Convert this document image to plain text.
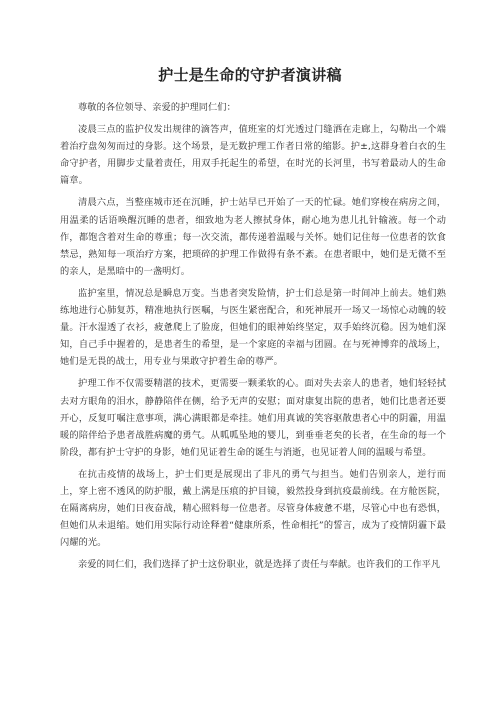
护士是生命的守护者演讲稿

尊敬的各位领导、亲爱的护理同仁们：

凌晨三点的监护仪发出规律的滴答声，值班室的灯光透过门缝洒在走廊上，勾勒出一个端着治疗盘匆匆而过的身影。这个场景，是无数护理工作者日常的缩影。护±,这群身着白衣的生命守护者，用脚步丈量着责任，用双手托起生的希望，在时光的长河里，书写着最动人的生命篇章。

清晨六点，当整座城市还在沉睡，护士站早已开始了一天的忙碌。她们穿梭在病房之间，用温柔的话语唤醒沉睡的患者，细致地为老人擦拭身体，耐心地为患儿扎针输液。每一个动作，都饱含着对生命的尊重；每一次交流，都传递着温暖与关怀。她们记住每一位患者的饮食禁忌，熟知每一项治疗方案，把琐碎的护理工作做得有条不紊。在患者眼中，她们是无微不至的亲人，是黑暗中的一盏明灯。

监护室里，情况总是瞬息万变。当患者突发险情，护士们总是第一时间冲上前去。她们熟练地进行心肺复苏，精准地执行医嘱，与医生紧密配合，和死神展开一场又一场惊心动魄的较量。汗水湿透了衣衫，疲惫爬上了脸庞，但她们的眼神始终坚定，双手始终沉稳。因为她们深知，自己手中握着的，是患者生的希望，是一个家庭的幸福与团圆。在与死神博弈的战场上，她们是无畏的战士，用专业与果敢守护着生命的尊严。

护理工作不仅需要精湛的技术，更需要一颗柔软的心。面对失去亲人的患者，她们轻轻拭去对方眼角的泪水，静静陪伴在侧，给予无声的安慰；面对康复出院的患者，她们比患者还要开心，反复叮嘱注意事项，满心满眼都是牵挂。她们用真诚的笑容驱散患者心中的阴霾，用温暖的陪伴给予患者战胜病魔的勇气。从呱呱坠地的婴儿，到垂垂老矣的长者，在生命的每一个阶段，都有护士守护的身影，她们见证着生命的诞生与消逝，也见证着人间的温暖与希望。

在抗击疫情的战场上，护士们更是展现出了非凡的勇气与担当。她们告别亲人，逆行而上，穿上密不透风的防护服，戴上满是压痕的护目镜，毅然投身到抗疫最前线。在方舱医院，在隔离病房，她们日夜奋战，精心照料每一位患者。尽管身体疲惫不堪，尽管心中也有恐惧，但她们从未退缩。她们用实际行动诠释着“健康所系，性命相托”的誓言，成为了疫情阴霾下最闪耀的光。

亲爱的同仁们，我们选择了护士这份职业，就是选择了责任与奉献。也许我们的工作平凡
